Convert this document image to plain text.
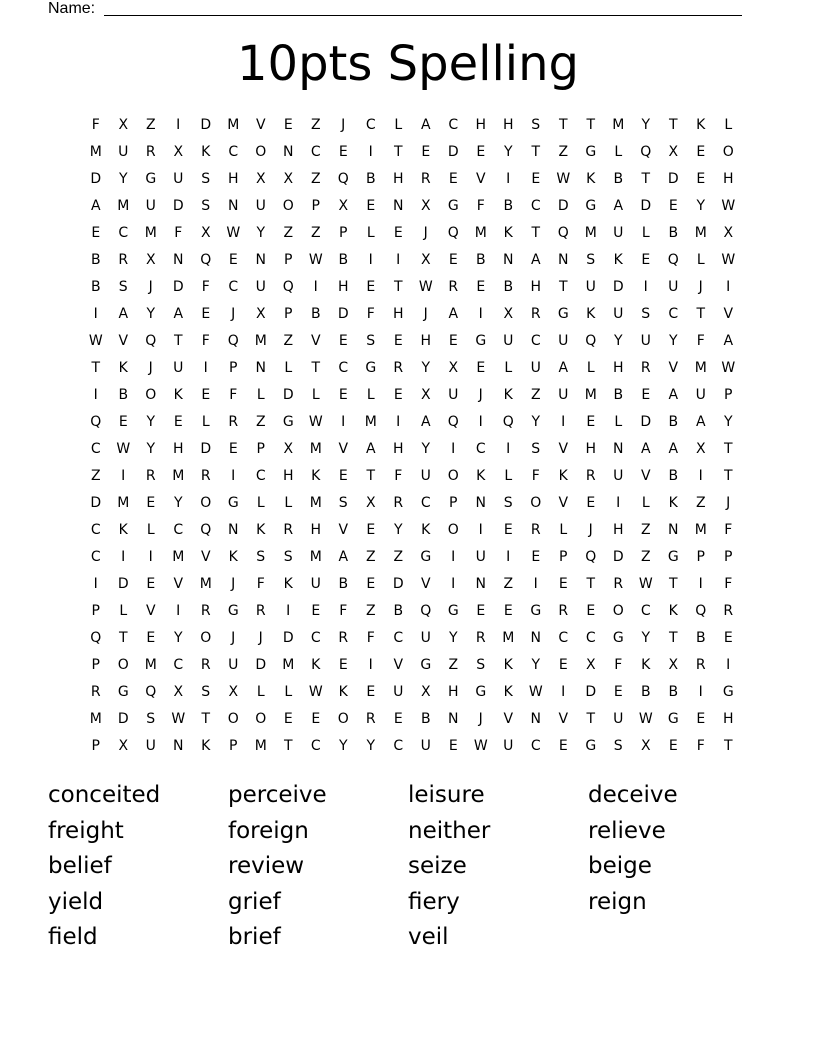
Name:
10pts Spelling
F	X	Z	I	D	M	V	E	Z	J	C	L	A	C	H	H	S	T	T	M	Y	T	K	L
M	U	R	X	K	C	O	N	C	E	I	T	E	D	E	Y	T	Z	G	L	Q	X	E	O
D	Y	G	U	S	H	X	X	Z	Q	B	H	R	E	V	I	E	W	K	B	T	D	E	H
A	M	U	D	S	N	U	O	P	X	E	N	X	G	F	B	C	D	G	A	D	E	Y	W
E	C	M	F	X	W	Y	Z	Z	P	L	E	J	Q	M	K	T	Q	M	U	L	B	M	X
B	R	X	N	Q	E	N	P	W	B	I	I	X	E	B	N	A	N	S	K	E	Q	L	W
B	S	J	D	F	C	U	Q	I	H	E	T	W	R	E	B	H	T	U	D	I	U	J	I
I	A	Y	A	E	J	X	P	B	D	F	H	J	A	I	X	R	G	K	U	S	C	T	V
W	V	Q	T	F	Q	M	Z	V	E	S	E	H	E	G	U	C	U	Q	Y	U	Y	F	A
T	K	J	U	I	P	N	L	T	C	G	R	Y	X	E	L	U	A	L	H	R	V	M	W
I	B	O	K	E	F	L	D	L	E	L	E	X	U	J	K	Z	U	M	B	E	A	U	P
Q	E	Y	E	L	R	Z	G	W	I	M	I	A	Q	I	Q	Y	I	E	L	D	B	A	Y
C	W	Y	H	D	E	P	X	M	V	A	H	Y	I	C	I	S	V	H	N	A	A	X	T
Z	I	R	M	R	I	C	H	K	E	T	F	U	O	K	L	F	K	R	U	V	B	I	T
D	M	E	Y	O	G	L	L	M	S	X	R	C	P	N	S	O	V	E	I	L	K	Z	J
C	K	L	C	Q	N	K	R	H	V	E	Y	K	O	I	E	R	L	J	H	Z	N	M	F
C	I	I	M	V	K	S	S	M	A	Z	Z	G	I	U	I	E	P	Q	D	Z	G	P	P
I	D	E	V	M	J	F	K	U	B	E	D	V	I	N	Z	I	E	T	R	W	T	I	F
P	L	V	I	R	G	R	I	E	F	Z	B	Q	G	E	E	G	R	E	O	C	K	Q	R
Q	T	E	Y	O	J	J	D	C	R	F	C	U	Y	R	M	N	C	C	G	Y	T	B	E
P	O	M	C	R	U	D	M	K	E	I	V	G	Z	S	K	Y	E	X	F	K	X	R	I
R	G	Q	X	S	X	L	L	W	K	E	U	X	H	G	K	W	I	D	E	B	B	I	G
M	D	S	W	T	O	O	E	E	O	R	E	B	N	J	V	N	V	T	U	W	G	E	H
P	X	U	N	K	P	M	T	C	Y	Y	C	U	E	W	U	C	E	G	S	X	E	F	T
conceited	perceive	leisure	deceive
freight	foreign	neither	relieve
belief	review	seize	beige
yield	grief	fiery	reign
field	brief	veil
